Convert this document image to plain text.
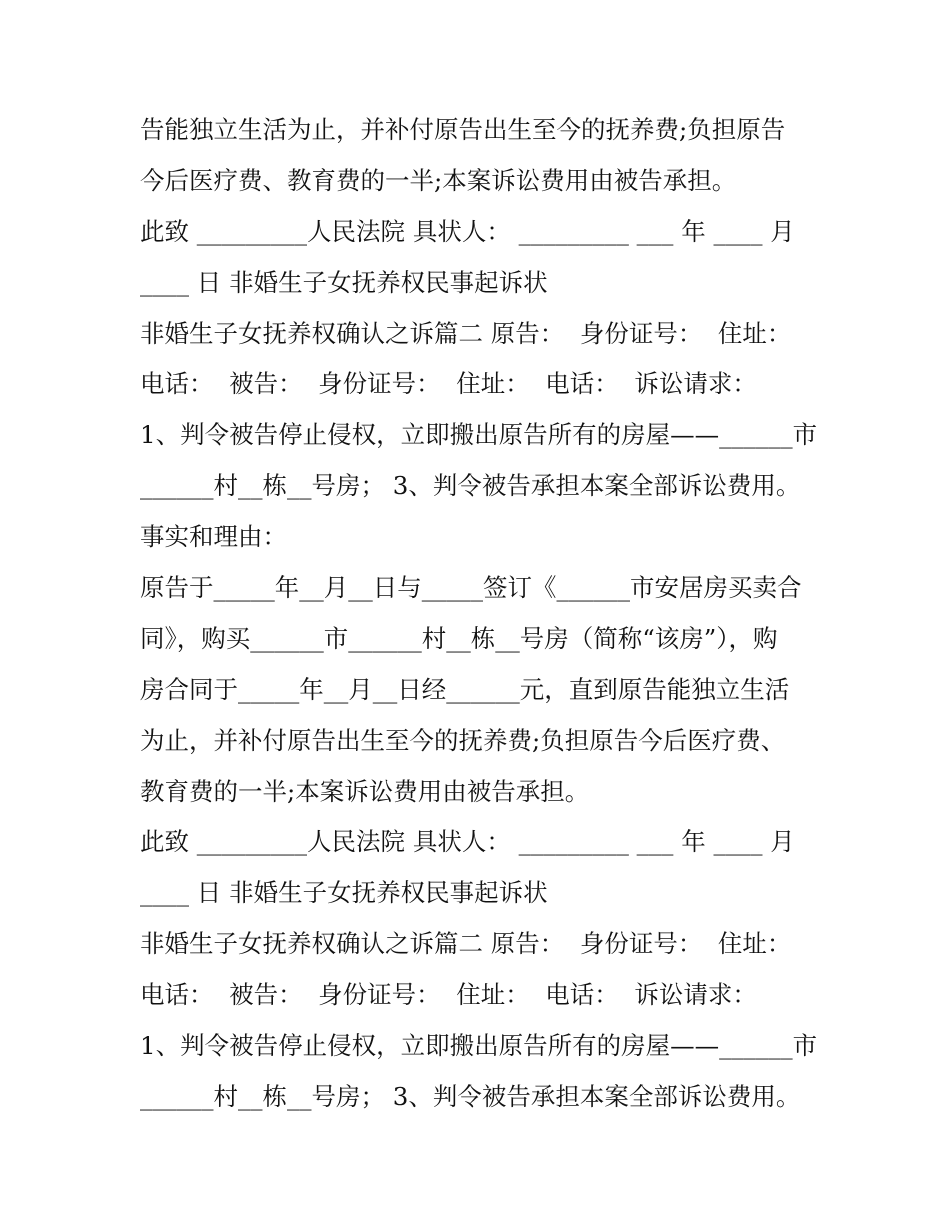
告能独立生活为止，并补付原告出生至今的抚养费;负担原告
今后医疗费、教育费的一半;本案诉讼费用由被告承担。
此致 _________人民法院 具状人： _________ ___ 年 ____ 月
____ 日 非婚生子女抚养权民事起诉状
非婚生子女抚养权确认之诉篇二 原告：  身份证号：  住址：
电话：  被告：  身份证号：  住址：  电话：  诉讼请求：
1、判令被告停止侵权，立即搬出原告所有的房屋——______市
______村__栋__号房； 3、判令被告承担本案全部诉讼费用。
事实和理由：
原告于_____年__月__日与_____签订《______市安居房买卖合
同》，购买______市______村__栋__号房（简称“该房”），购
房合同于_____年__月__日经______元，直到原告能独立生活
为止，并补付原告出生至今的抚养费;负担原告今后医疗费、
教育费的一半;本案诉讼费用由被告承担。
此致 _________人民法院 具状人： _________ ___ 年 ____ 月
____ 日 非婚生子女抚养权民事起诉状
非婚生子女抚养权确认之诉篇二 原告：  身份证号：  住址：
电话：  被告：  身份证号：  住址：  电话：  诉讼请求：
1、判令被告停止侵权，立即搬出原告所有的房屋——______市
______村__栋__号房； 3、判令被告承担本案全部诉讼费用。
